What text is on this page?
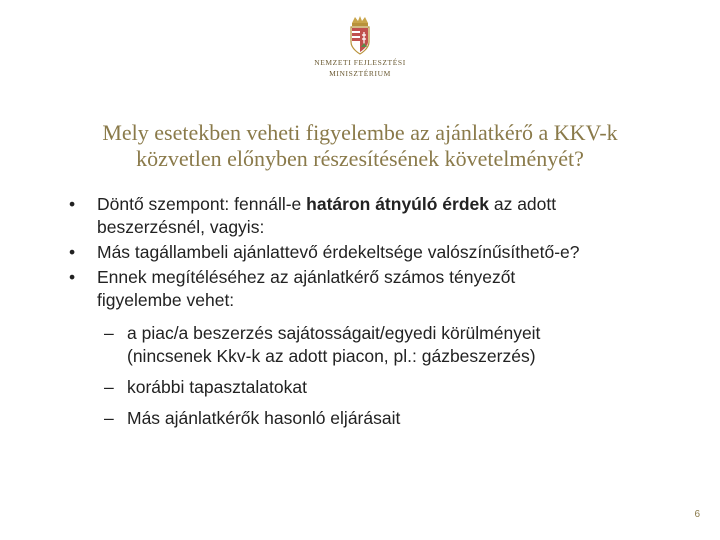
NEMZETI FEJLESZTÉSI
MINISZTÉRIUM
Mely esetekben veheti figyelembe az ajánlatkérő a KKV-k
közvetlen előnyben részesítésének követelményét?
• Döntő szempont: fennáll-e határon átnyúló érdek az adott
beszerzésnél, vagyis:
• Más tagállambeli ajánlattevő érdekeltsége valószínűsíthető-e?
• Ennek megítéléséhez az ajánlatkérő számos tényezőt
figyelembe vehet:
– a piac/a beszerzés sajátosságait/egyedi körülményeit
(nincsenek Kkv-k az adott piacon, pl.: gázbeszerzés)
– korábbi tapasztalatokat
– Más ajánlatkérők hasonló eljárásait
6
